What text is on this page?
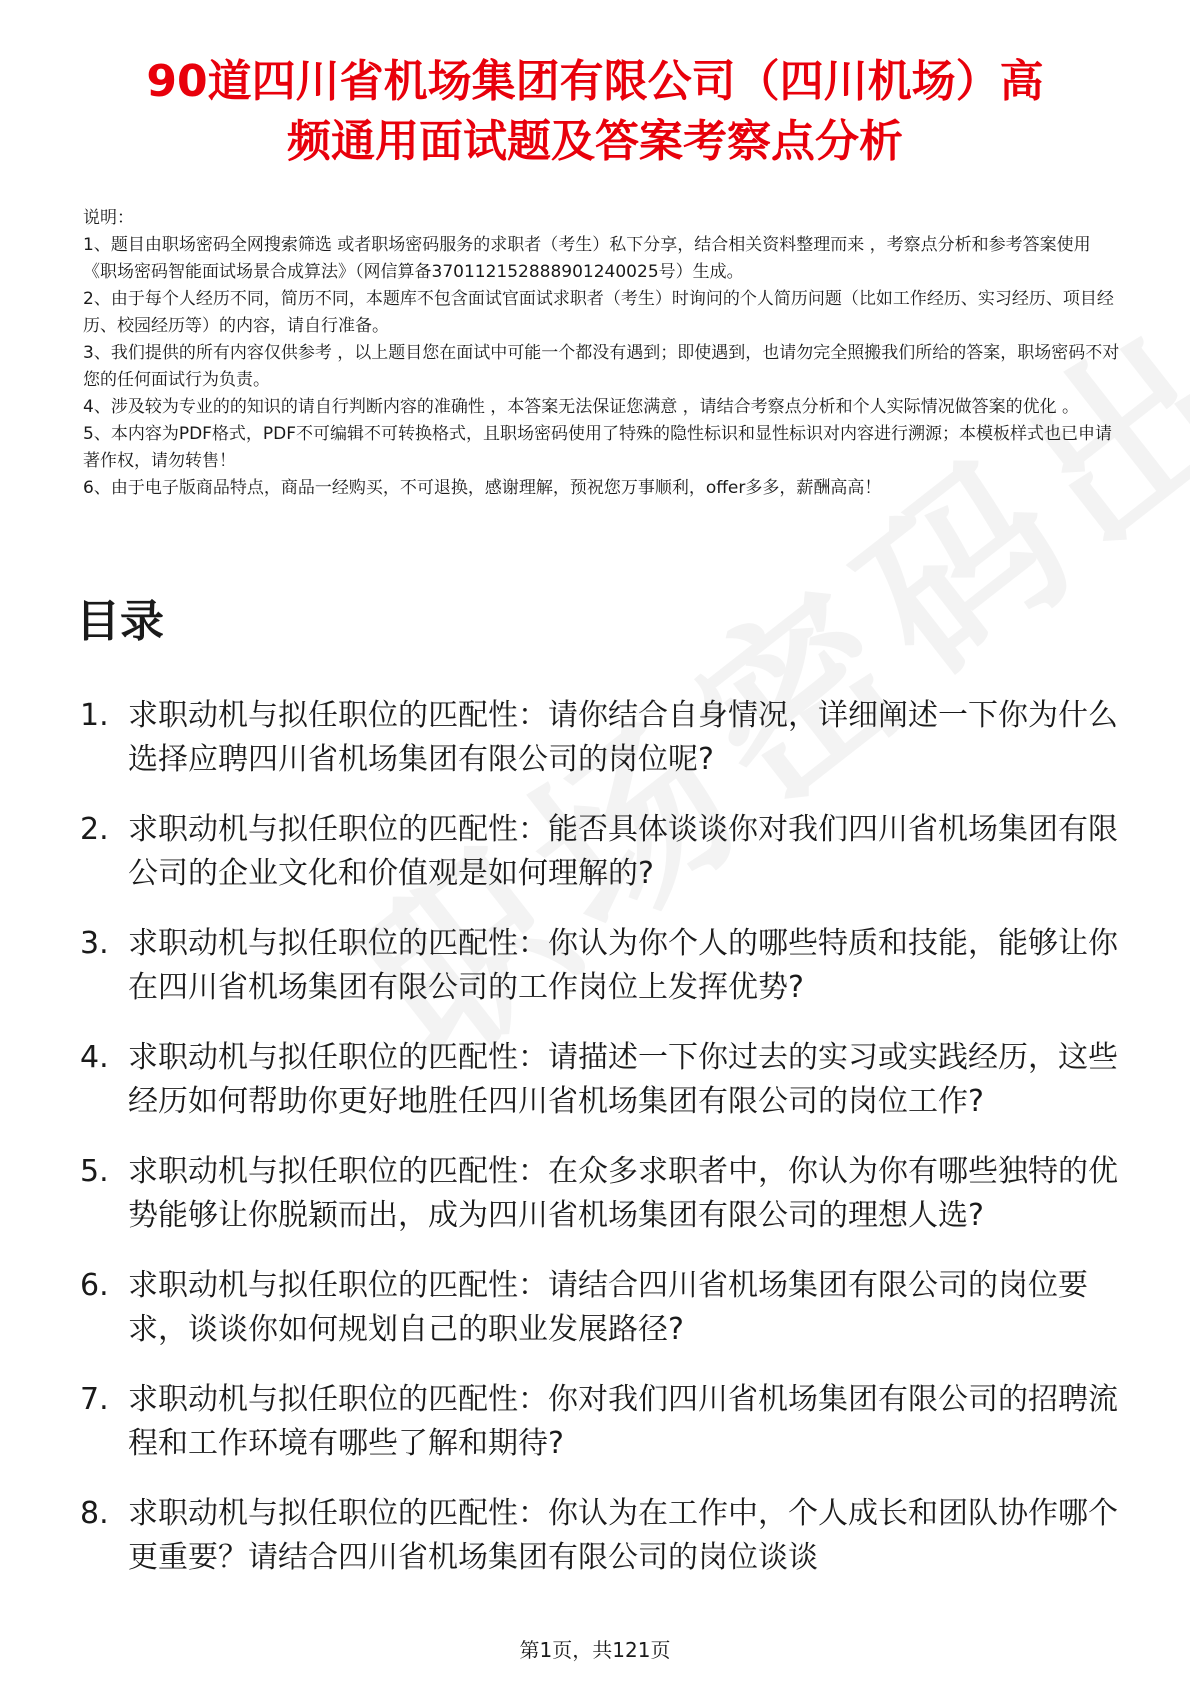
90道四川省机场集团有限公司（四川机场）高
频通用面试题及答案考察点分析

说明：

1、题目由职场密码全网搜索筛选 或者职场密码服务的求职者（考生）私下分享，结合相关资料整理而来 ，考察点分析和参考答案使用《职场密码智能面试场景合成算法》（网信算备370112152888901240025号）生成。

2、由于每个人经历不同，简历不同，本题库不包含面试官面试求职者（考生）时询问的个人简历问题（比如工作经历、实习经历、项目经历、校园经历等）的内容，请自行准备。

3、我们提供的所有内容仅供参考 ，以上题目您在面试中可能一个都没有遇到；即使遇到，也请勿完全照搬我们所给的答案，职场密码不对您的任何面试行为负责。

4、涉及较为专业的的知识的请自行判断内容的准确性 ，本答案无法保证您满意 ，请结合考察点分析和个人实际情况做答案的优化 。

5、本内容为PDF格式，PDF不可编辑不可转换格式，且职场密码使用了特殊的隐性标识和显性标识对内容进行溯源；本模板样式也已申请著作权，请勿转售！

6、由于电子版商品特点，商品一经购买，不可退换，感谢理解，预祝您万事顺利，offer多多，薪酬高高！

目录
1. 求职动机与拟任职位的匹配性：请你结合自身情况，详细阐述一下你为什么选择应聘四川省机场集团有限公司的岗位呢?
2. 求职动机与拟任职位的匹配性：能否具体谈谈你对我们四川省机场集团有限公司的企业文化和价值观是如何理解的?
3. 求职动机与拟任职位的匹配性：你认为你个人的哪些特质和技能，能够让你在四川省机场集团有限公司的工作岗位上发挥优势?
4. 求职动机与拟任职位的匹配性：请描述一下你过去的实习或实践经历，这些经历如何帮助你更好地胜任四川省机场集团有限公司的岗位工作?
5. 求职动机与拟任职位的匹配性：在众多求职者中，你认为你有哪些独特的优势能够让你脱颖而出，成为四川省机场集团有限公司的理想人选?
6. 求职动机与拟任职位的匹配性：请结合四川省机场集团有限公司的岗位要求，谈谈你如何规划自己的职业发展路径?
7. 求职动机与拟任职位的匹配性：你对我们四川省机场集团有限公司的招聘流程和工作环境有哪些了解和期待?
8. 求职动机与拟任职位的匹配性：你认为在工作中，个人成长和团队协作哪个更重要？请结合四川省机场集团有限公司的岗位谈谈
第1页，共121页
